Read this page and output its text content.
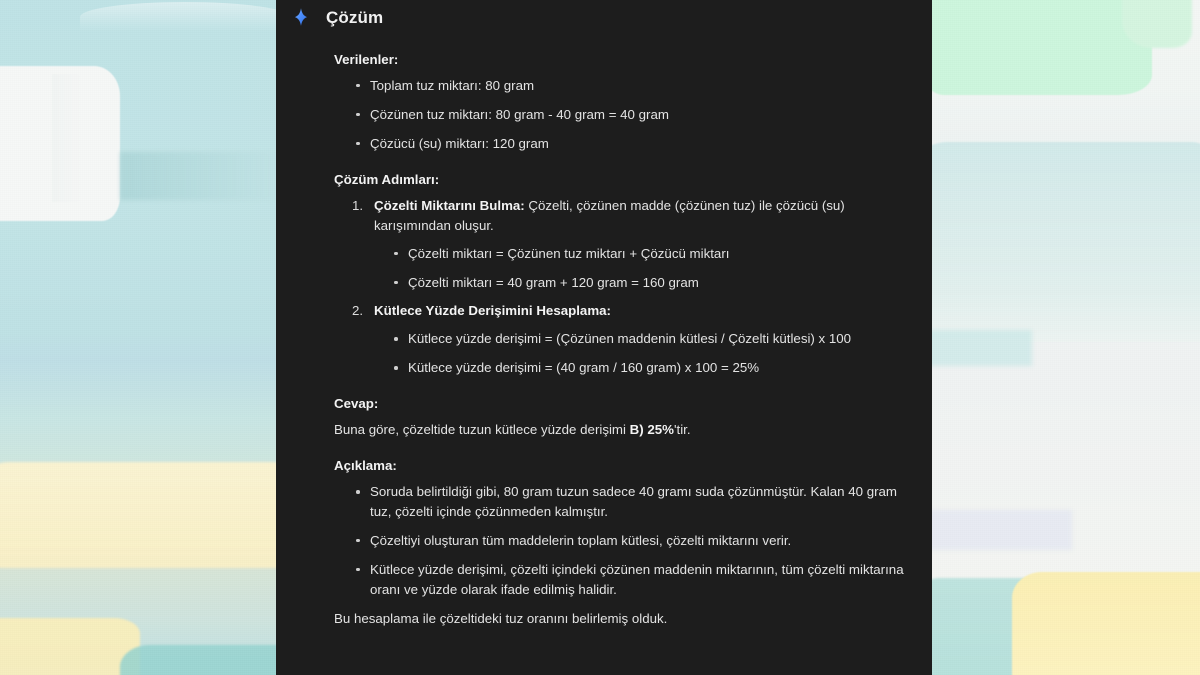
Çözüm
Verilenler:
Toplam tuz miktarı: 80 gram
Çözünen tuz miktarı: 80 gram - 40 gram = 40 gram
Çözücü (su) miktarı: 120 gram
Çözüm Adımları:
Çözelti Miktarını Bulma: Çözelti, çözünen madde (çözünen tuz) ile çözücü (su) karışımından oluşur.
Çözelti miktarı = Çözünen tuz miktarı + Çözücü miktarı
Çözelti miktarı = 40 gram + 120 gram = 160 gram
Kütlece Yüzde Derişimini Hesaplama:
Kütlece yüzde derişimi = (Çözünen maddenin kütlesi / Çözelti kütlesi) x 100
Kütlece yüzde derişimi = (40 gram / 160 gram) x 100 = 25%
Cevap:
Buna göre, çözeltide tuzun kütlece yüzde derişimi B) 25%'tir.
Açıklama:
Soruda belirtildiği gibi, 80 gram tuzun sadece 40 gramı suda çözünmüştür. Kalan 40 gram tuz, çözelti içinde çözünmeden kalmıştır.
Çözeltiyi oluşturan tüm maddelerin toplam kütlesi, çözelti miktarını verir.
Kütlece yüzde derişimi, çözelti içindeki çözünen maddenin miktarının, tüm çözelti miktarına oranı ve yüzde olarak ifade edilmiş halidir.
Bu hesaplama ile çözeltideki tuz oranını belirlemiş olduk.
